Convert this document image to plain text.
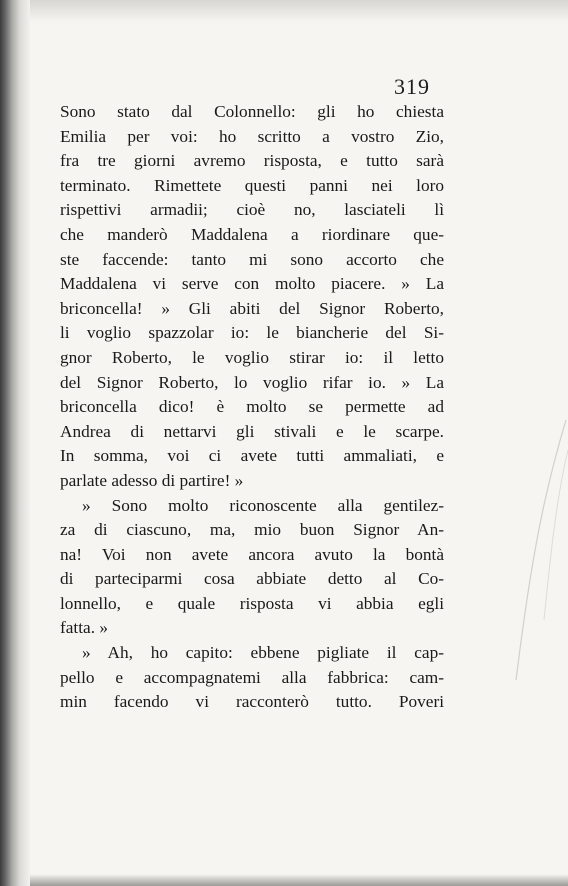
319
Sono stato dal Colonnello: gli ho chiesta
Emilia per voi: ho scritto a vostro Zio,
fra tre giorni avremo risposta, e tutto sarà
terminato. Rimettete questi panni nei loro
rispettivi armadii; cioè no, lasciateli lì
che manderò Maddalena a riordinare que-
ste faccende: tanto mi sono accorto che
Maddalena vi serve con molto piacere. » La
briconcella! » Gli abiti del Signor Roberto,
li voglio spazzolar io: le biancherie del Si-
gnor Roberto, le voglio stirar io: il letto
del Signor Roberto, lo voglio rifar io. » La
briconcella dico! è molto se permette ad
Andrea di nettarvi gli stivali e le scarpe.
In somma, voi ci avete tutti ammaliati, e
parlate adesso di partire! »
» Sono molto riconoscente alla gentilez-
za di ciascuno, ma, mio buon Signor An-
na! Voi non avete ancora avuto la bontà
di parteciparmi cosa abbiate detto al Co-
lonnello, e quale risposta vi abbia egli
fatta. »
» Ah, ho capito: ebbene pigliate il cap-
pello e accompagnatemi alla fabbrica: cam-
min facendo vi racconterò tutto. Poveri
